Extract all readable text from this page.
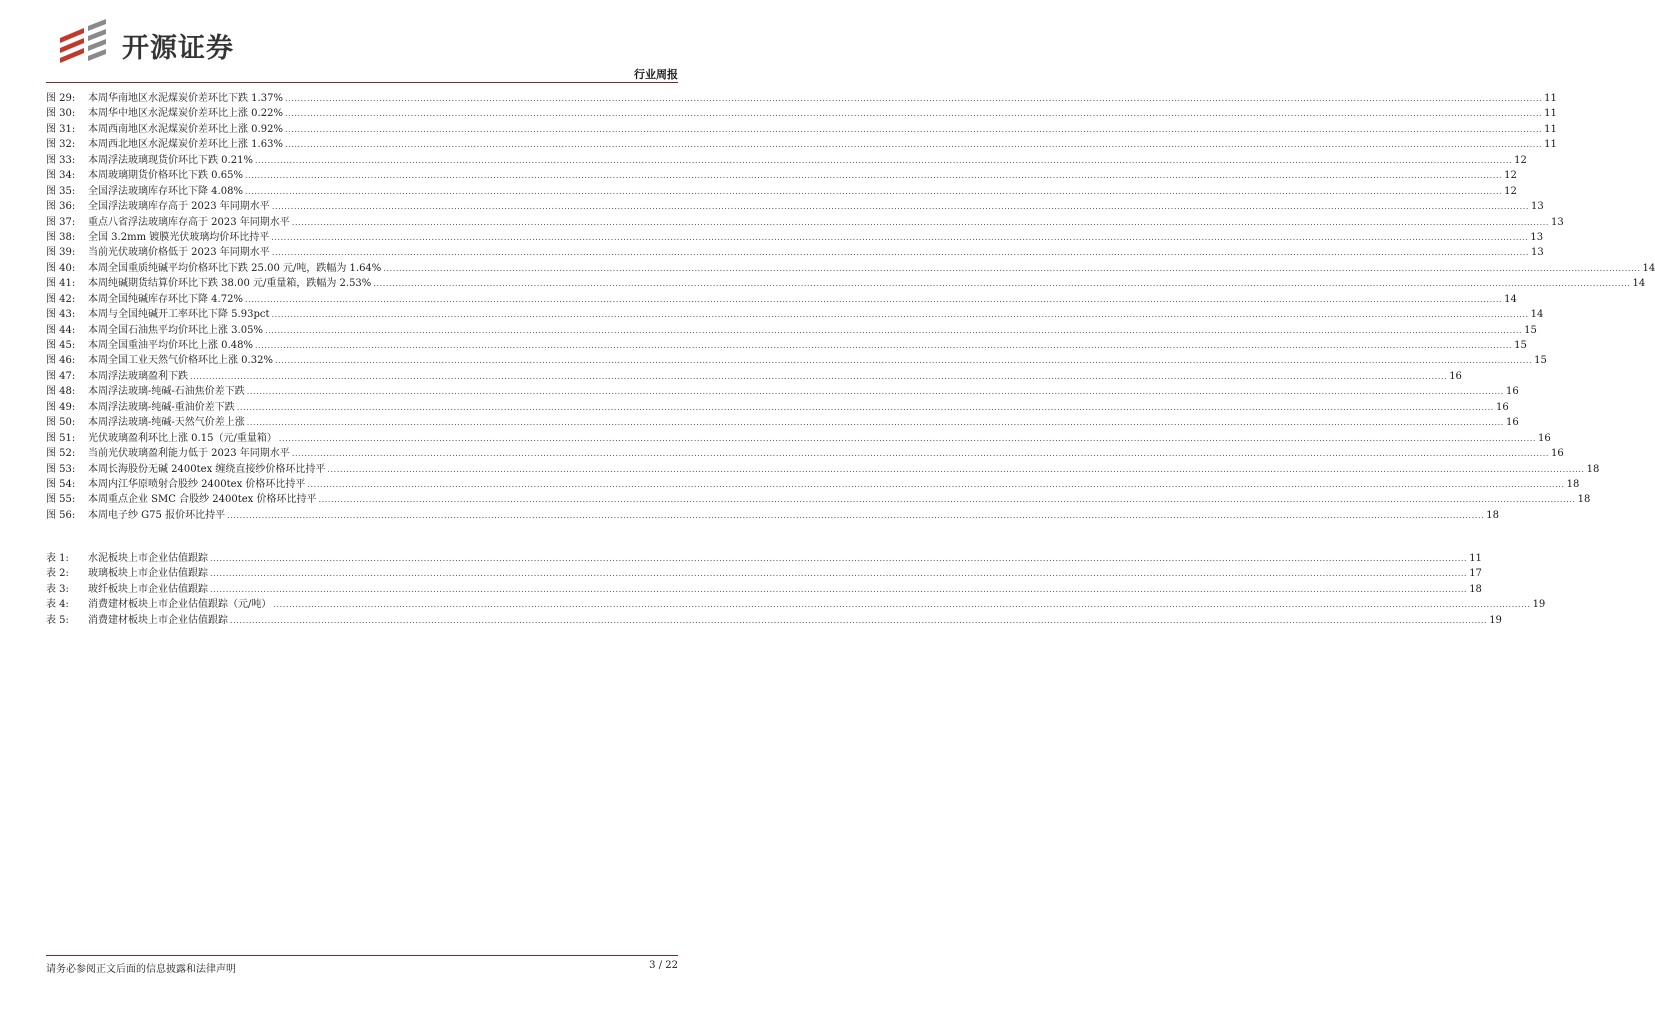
开源证券
行业周报
图 29:	本周华南地区水泥煤炭价差环比下跌 1.37% ................................................................................................................................................................................................................................................................................................................................................................................................................ 11
图 30:	本周华中地区水泥煤炭价差环比上涨 0.22% ................................................................................................................................................................................................................................................................................................................................................................................................................ 11
图 31:	本周西南地区水泥煤炭价差环比上涨 0.92% ................................................................................................................................................................................................................................................................................................................................................................................................................ 11
图 32:	本周西北地区水泥煤炭价差环比上涨 1.63% ................................................................................................................................................................................................................................................................................................................................................................................................................ 11
图 33:	本周浮法玻璃现货价环比下跌 0.21% ................................................................................................................................................................................................................................................................................................................................................................................................................ 12
图 34:	本周玻璃期货价格环比下跌 0.65% ................................................................................................................................................................................................................................................................................................................................................................................................................ 12
图 35:	全国浮法玻璃库存环比下降 4.08% ................................................................................................................................................................................................................................................................................................................................................................................................................ 12
图 36:	全国浮法玻璃库存高于 2023 年同期水平 ................................................................................................................................................................................................................................................................................................................................................................................................................ 13
图 37:	重点八省浮法玻璃库存高于 2023 年同期水平 ................................................................................................................................................................................................................................................................................................................................................................................................................ 13
图 38:	全国 3.2mm 镀膜光伏玻璃均价环比持平 ................................................................................................................................................................................................................................................................................................................................................................................................................ 13
图 39:	当前光伏玻璃价格低于 2023 年同期水平 ................................................................................................................................................................................................................................................................................................................................................................................................................ 13
图 40:	本周全国重质纯碱平均价格环比下跌 25.00 元/吨，跌幅为 1.64% ................................................................................................................................................................................................................................................................................................................................................................................................................ 14
图 41:	本周纯碱期货结算价环比下跌 38.00 元/重量箱，跌幅为 2.53% ................................................................................................................................................................................................................................................................................................................................................................................................................ 14
图 42:	本周全国纯碱库存环比下降 4.72% ................................................................................................................................................................................................................................................................................................................................................................................................................ 14
图 43:	本周与全国纯碱开工率环比下降 5.93pct ................................................................................................................................................................................................................................................................................................................................................................................................................ 14
图 44:	本周全国石油焦平均价环比上涨 3.05% ................................................................................................................................................................................................................................................................................................................................................................................................................ 15
图 45:	本周全国重油平均价环比上涨 0.48% ................................................................................................................................................................................................................................................................................................................................................................................................................ 15
图 46:	本周全国工业天然气价格环比上涨 0.32% ................................................................................................................................................................................................................................................................................................................................................................................................................ 15
图 47:	本周浮法玻璃盈利下跌 ................................................................................................................................................................................................................................................................................................................................................................................................................ 16
图 48:	本周浮法玻璃-纯碱-石油焦价差下跌 ................................................................................................................................................................................................................................................................................................................................................................................................................ 16
图 49:	本周浮法玻璃-纯碱-重油价差下跌 ................................................................................................................................................................................................................................................................................................................................................................................................................ 16
图 50:	本周浮法玻璃-纯碱-天然气价差上涨 ................................................................................................................................................................................................................................................................................................................................................................................................................ 16
图 51:	光伏玻璃盈利环比上涨 0.15（元/重量箱） ................................................................................................................................................................................................................................................................................................................................................................................................................ 16
图 52:	当前光伏玻璃盈利能力低于 2023 年同期水平 ................................................................................................................................................................................................................................................................................................................................................................................................................ 16
图 53:	本周长海股份无碱 2400tex 缠绕直接纱价格环比持平 ................................................................................................................................................................................................................................................................................................................................................................................................................ 18
图 54:	本周内江华原喷射合股纱 2400tex 价格环比持平 ................................................................................................................................................................................................................................................................................................................................................................................................................ 18
图 55:	本周重点企业 SMC 合股纱 2400tex 价格环比持平 ................................................................................................................................................................................................................................................................................................................................................................................................................ 18
图 56:	本周电子纱 G75 报价环比持平 ................................................................................................................................................................................................................................................................................................................................................................................................................ 18
表 1:	水泥板块上市企业估值跟踪 ................................................................................................................................................................................................................................................................................................................................................................................................................ 11
表 2:	玻璃板块上市企业估值跟踪 ................................................................................................................................................................................................................................................................................................................................................................................................................ 17
表 3:	玻纤板块上市企业估值跟踪 ................................................................................................................................................................................................................................................................................................................................................................................................................ 18
表 4:	消费建材板块上市企业估值跟踪（元/吨） ................................................................................................................................................................................................................................................................................................................................................................................................................ 19
表 5:	消费建材板块上市企业估值跟踪 ................................................................................................................................................................................................................................................................................................................................................................................................................ 19
请务必参阅正文后面的信息披露和法律声明	3 / 22
